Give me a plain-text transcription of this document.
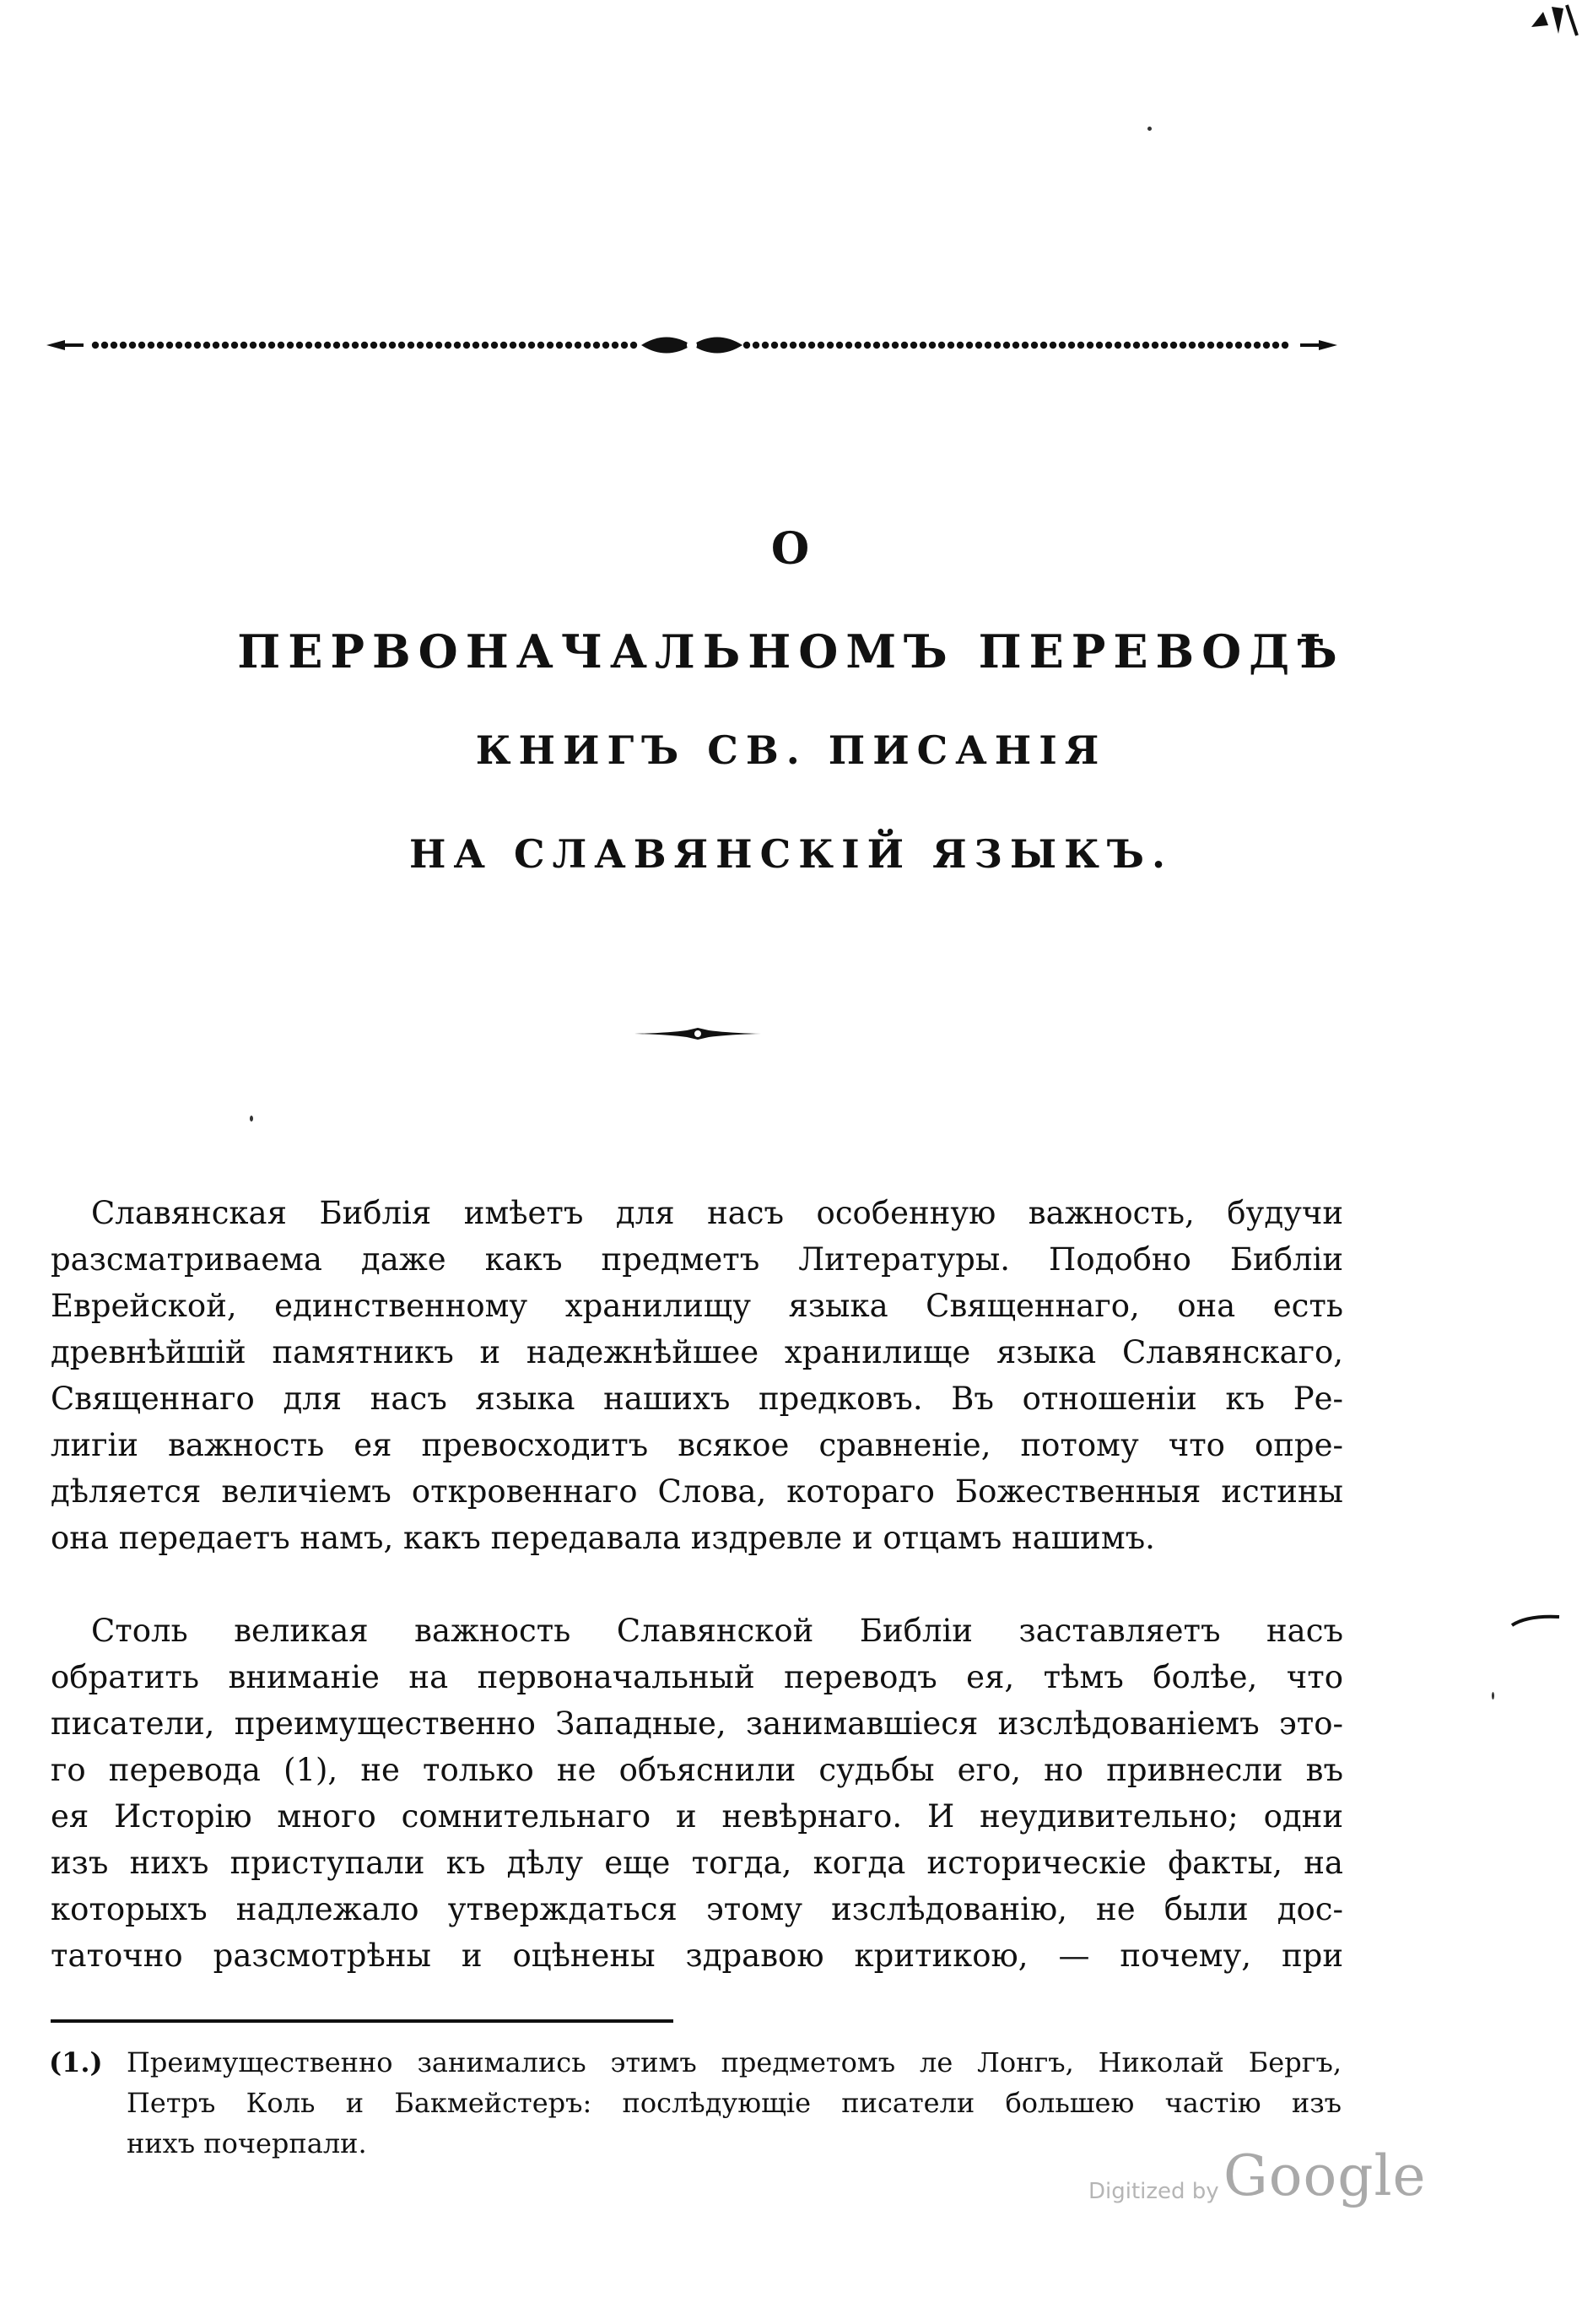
О
ПЕРВОНАЧАЛЬНОМЪ ПЕРЕВОДѢ
КНИГЪ СВ. ПИСАНІЯ
НА СЛАВЯНСКІЙ ЯЗЫКЪ.
Славянская Библія имѣетъ для насъ особенную важность, будучи
разсматриваема даже какъ предметъ Литературы. Подобно Библіи
Еврейской, единственному хранилищу языка Священнаго, она есть
древнѣйшій памятникъ и надежнѣйшее хранилище языка Славянскаго,
Священнаго для насъ языка нашихъ предковъ. Въ отношеніи къ Ре-
лигіи важность ея превосходитъ всякое сравненіе, потому что опре-
дѣляется величіемъ откровеннаго Слова, котораго Божественныя истины
она передаетъ намъ, какъ передавала издревле и отцамъ нашимъ.
Столь великая важность Славянской Библіи заставляетъ насъ
обратить вниманіе на первоначальный переводъ ея, тѣмъ болѣе, что
писатели, преимущественно Западные, занимавшіеся изслѣдованіемъ это-
го перевода (1), не только не объяснили судьбы его, но привнесли въ
ея Исторію много сомнительнаго и невѣрнаго. И неудивительно; одни
изъ нихъ приступали къ дѣлу еще тогда, когда историческіе факты, на
которыхъ надлежало утверждаться этому изслѣдованію, не были дос-
таточно разсмотрѣны и оцѣнены здравою критикою, — почему, при
(1.) Преимущественно занимались этимъ предметомъ ле Лонгъ, Николай Бергъ,
Петръ Коль и Бакмейстеръ: послѣдующіе писатели большею частію изъ
нихъ почерпали.
Digitized by Google
